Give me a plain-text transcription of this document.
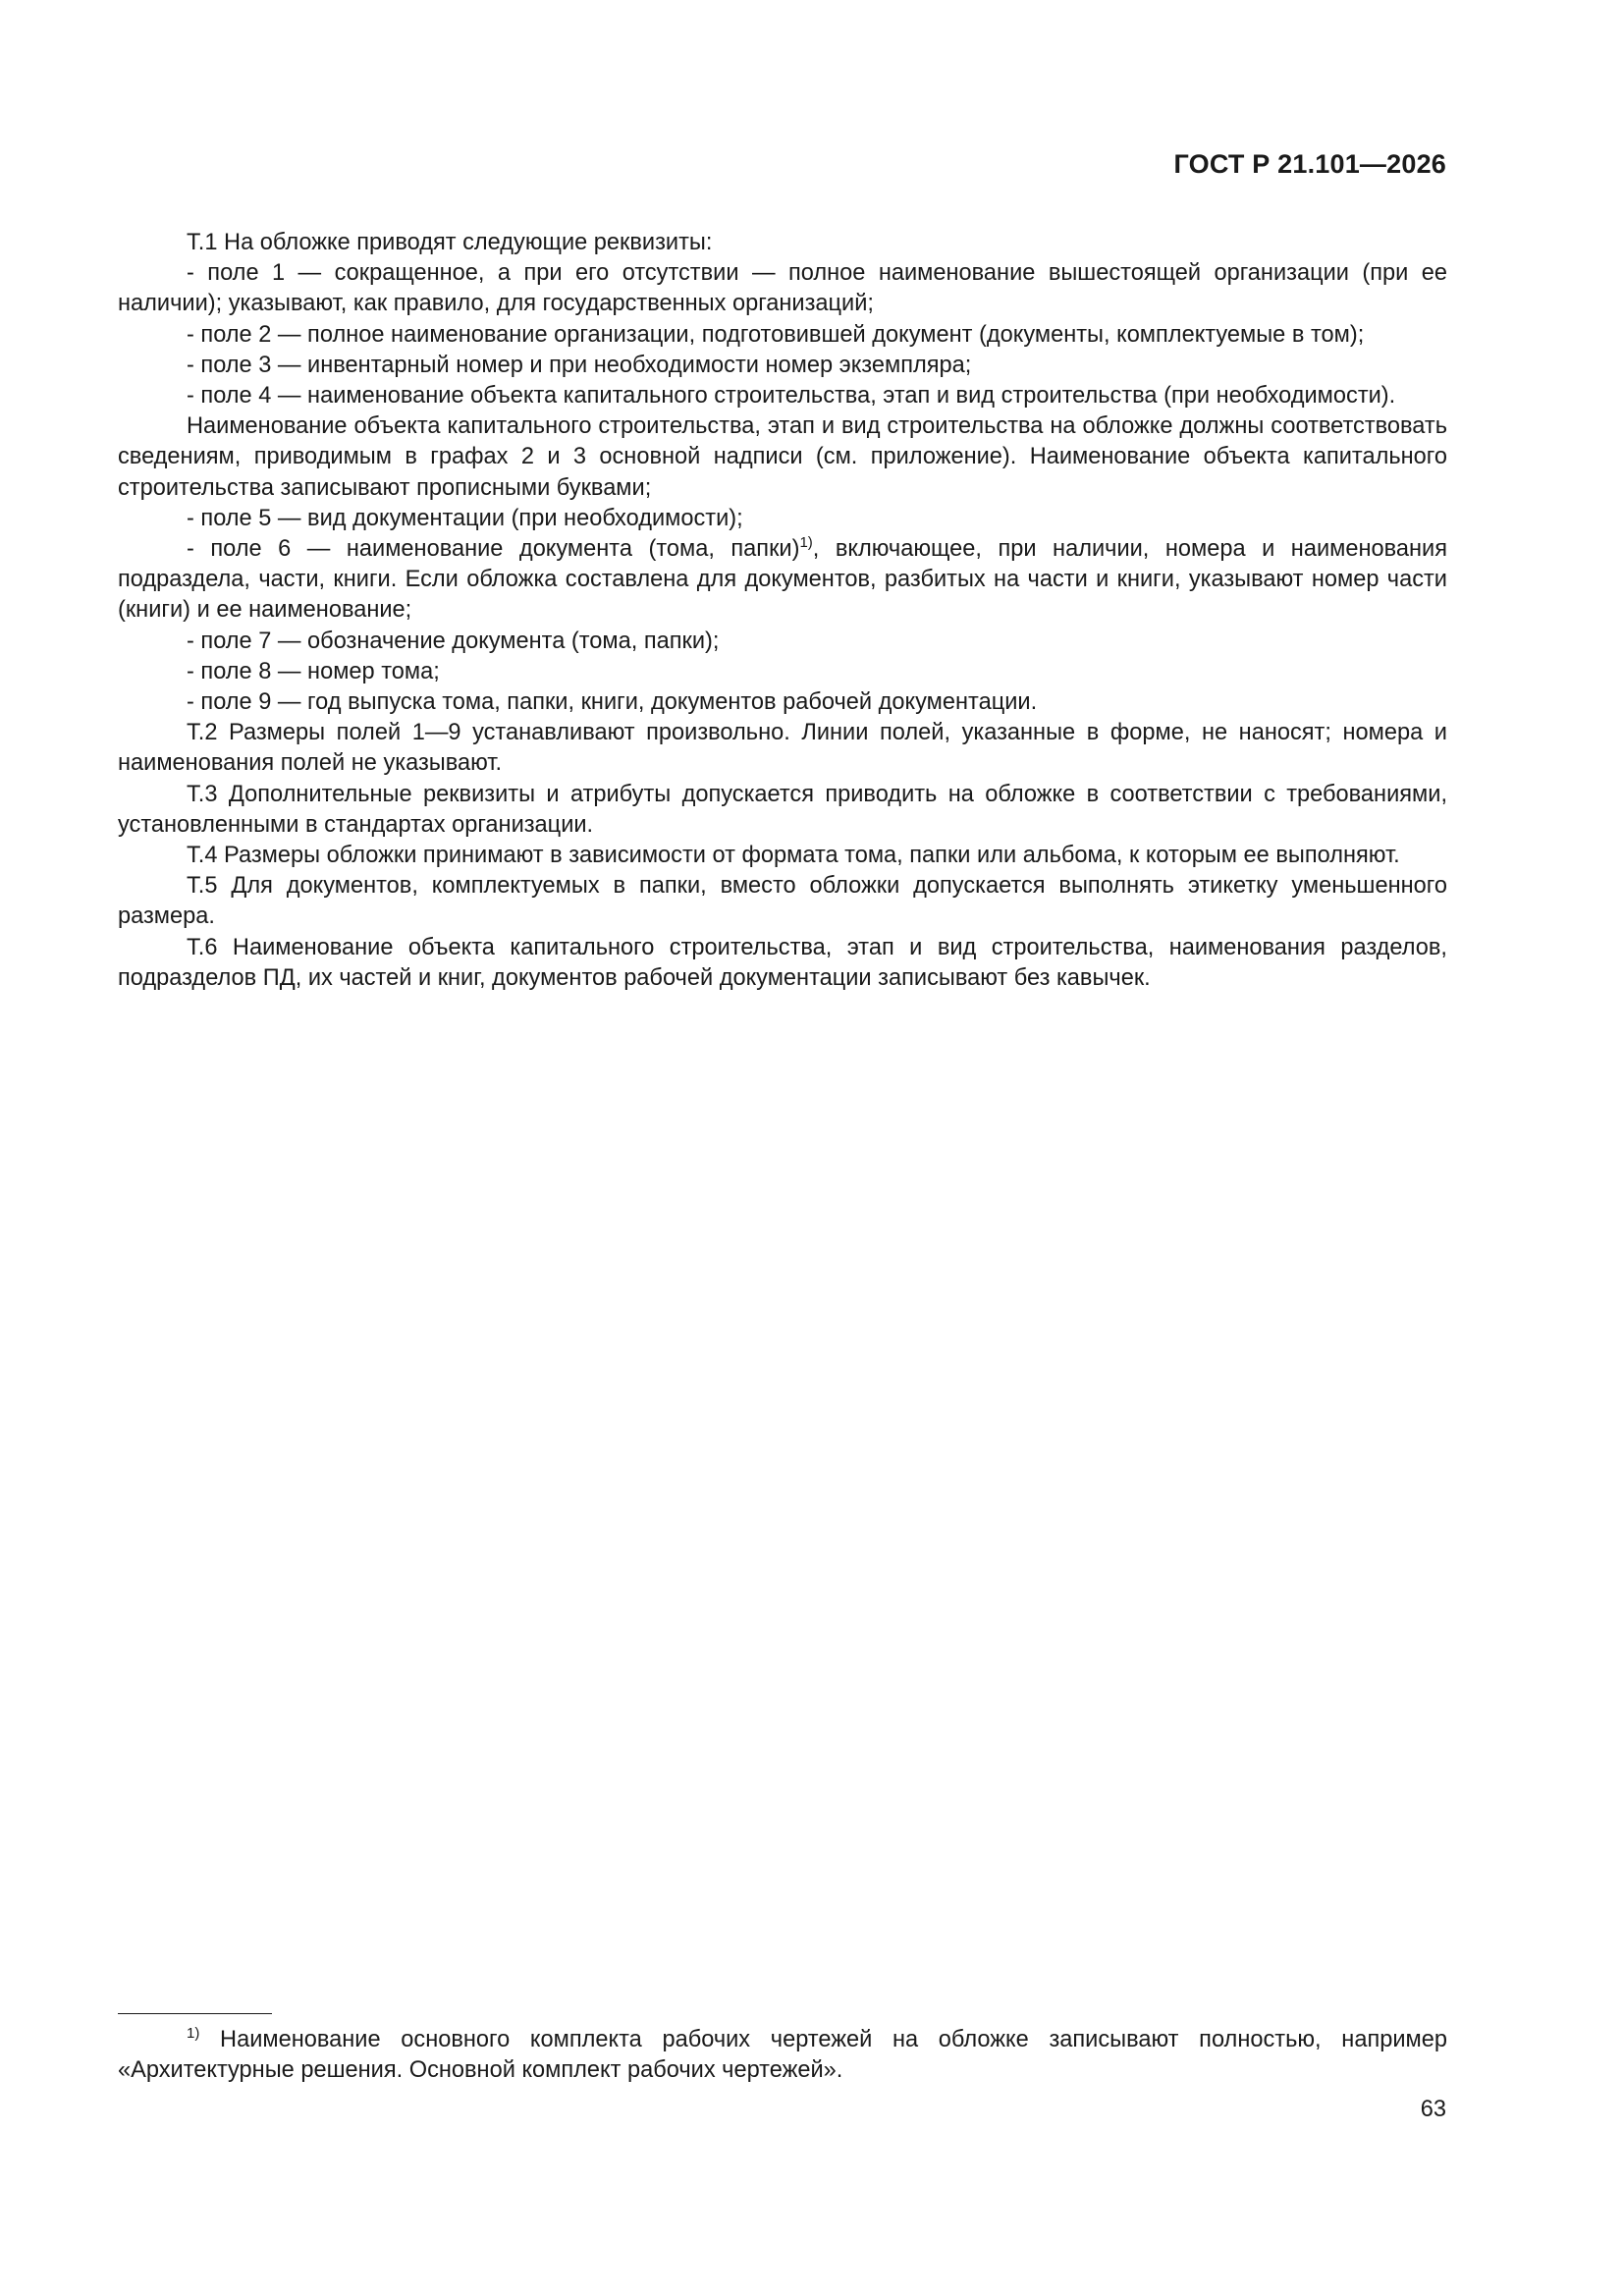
ГОСТ Р 21.101—2026

Т.1 На обложке приводят следующие реквизиты:

- поле 1 — сокращенное, а при его отсутствии — полное наименование вышестоящей организации (при ее наличии); указывают, как правило, для государственных организаций;

- поле 2 — полное наименование организации, подготовившей документ (документы, комплектуемые в том);

- поле 3 — инвентарный номер и при необходимости номер экземпляра;

- поле 4 — наименование объекта капитального строительства, этап и вид строительства (при необходимости).

Наименование объекта капитального строительства, этап и вид строительства на обложке должны соответствовать сведениям, приводимым в графах 2 и 3 основной надписи (см. приложение). Наименование объекта капитального строительства записывают прописными буквами;

- поле 5 — вид документации (при необходимости);

- поле 6 — наименование документа (тома, папки)$^{1)}$, включающее, при наличии, номера и наименования подраздела, части, книги. Если обложка составлена для документов, разбитых на части и книги, указывают номер части (книги) и ее наименование;

- поле 7 — обозначение документа (тома, папки);

- поле 8 — номер тома;

- поле 9 — год выпуска тома, папки, книги, документов рабочей документации.

Т.2 Размеры полей 1—9 устанавливают произвольно. Линии полей, указанные в форме, не наносят; номера и наименования полей не указывают.

Т.3 Дополнительные реквизиты и атрибуты допускается приводить на обложке в соответствии с требованиями, установленными в стандартах организации.

Т.4 Размеры обложки принимают в зависимости от формата тома, папки или альбома, к которым ее выполняют.

Т.5 Для документов, комплектуемых в папки, вместо обложки допускается выполнять этикетку уменьшенного размера.

Т.6 Наименование объекта капитального строительства, этап и вид строительства, наименования разделов, подразделов ПД, их частей и книг, документов рабочей документации записывают без кавычек.

$^{1)}$ Наименование основного комплекта рабочих чертежей на обложке записывают полностью, например «Архитектурные решения. Основной комплект рабочих чертежей».

63
